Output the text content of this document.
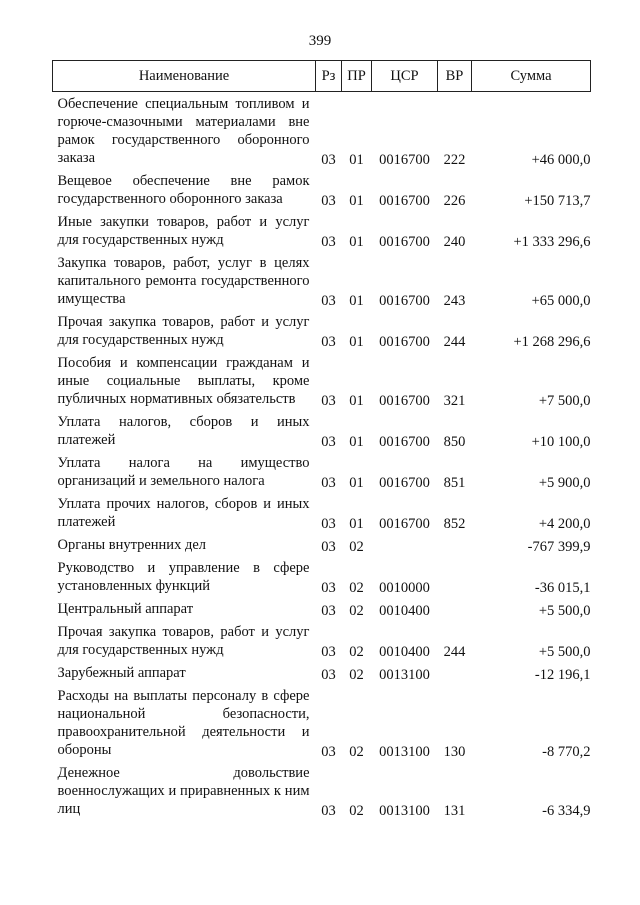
399
Наименование	Рз	ПР	ЦСР	ВР	Сумма
Обеспечение специальным топливом и горюче-смазочными материалами вне рамок государственного оборонного заказа	03	01	0016700	222	+46 000,0
Вещевое обеспечение вне рамок государственного оборонного заказа	03	01	0016700	226	+150 713,7
Иные закупки товаров, работ и услуг для государственных нужд	03	01	0016700	240	+1 333 296,6
Закупка товаров, работ, услуг в целях капитального ремонта государственного имущества	03	01	0016700	243	+65 000,0
Прочая закупка товаров, работ и услуг для государственных нужд	03	01	0016700	244	+1 268 296,6
Пособия и компенсации гражданам и иные социальные выплаты, кроме публичных нормативных обязательств	03	01	0016700	321	+7 500,0
Уплата налогов, сборов и иных платежей	03	01	0016700	850	+10 100,0
Уплата налога на имущество организаций и земельного налога	03	01	0016700	851	+5 900,0
Уплата прочих налогов, сборов и иных платежей	03	01	0016700	852	+4 200,0
Органы внутренних дел	03	02			-767 399,9
Руководство и управление в сфере установленных функций	03	02	0010000		-36 015,1
Центральный аппарат	03	02	0010400		+5 500,0
Прочая закупка товаров, работ и услуг для государственных нужд	03	02	0010400	244	+5 500,0
Зарубежный аппарат	03	02	0013100		-12 196,1
Расходы на выплаты персоналу в сфере национальной безопасности, правоохранительной деятельности и обороны	03	02	0013100	130	-8 770,2
Денежное довольствие военнослужащих и приравненных к ним лиц	03	02	0013100	131	-6 334,9
